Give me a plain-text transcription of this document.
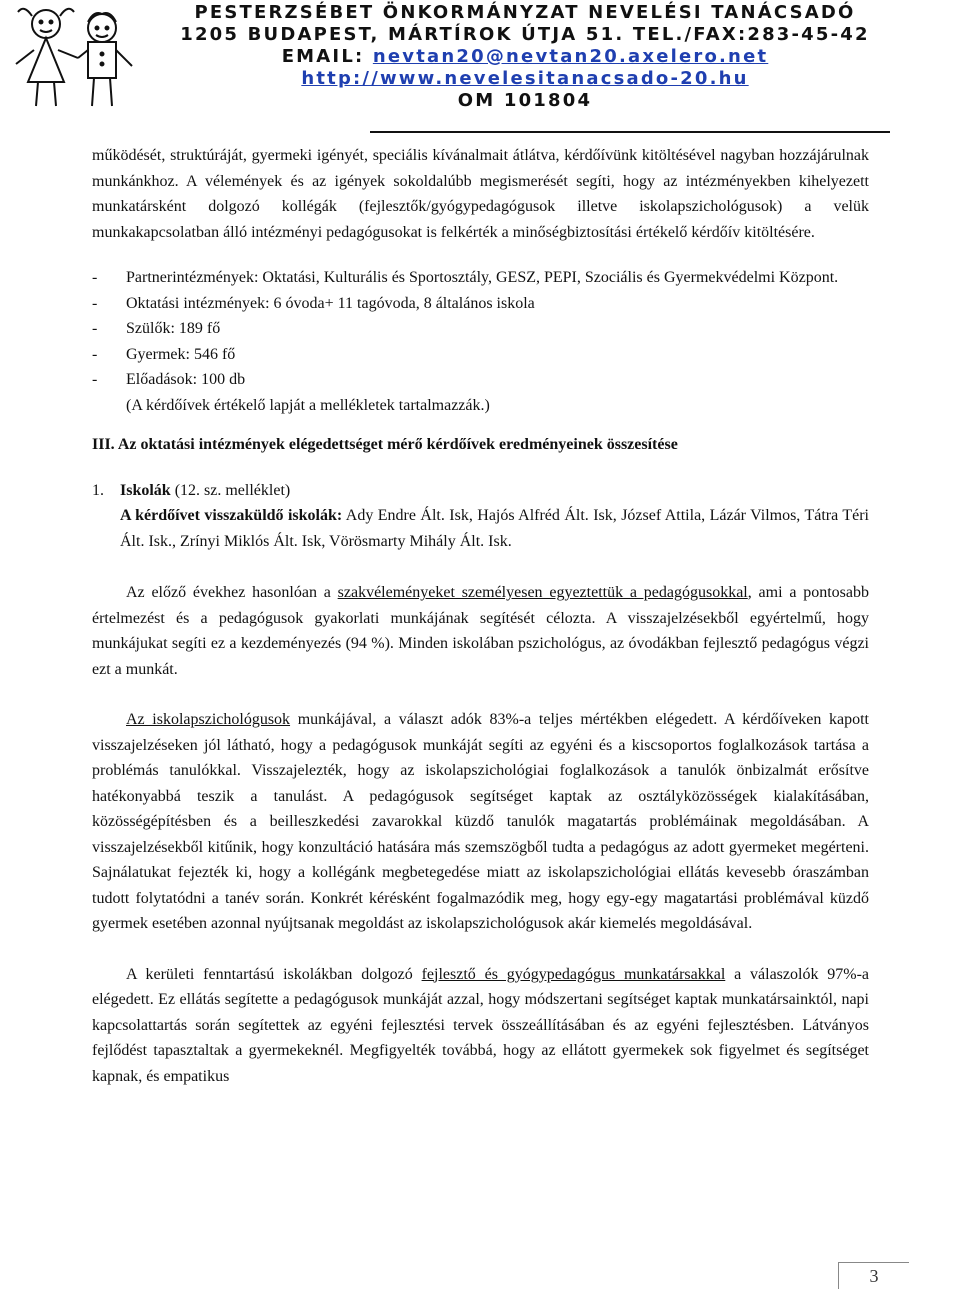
PESTERZSÉBET ÖNKORMÁNYZAT NEVELÉSI TANÁCSADÓ
1205 BUDAPEST, MÁRTÍROK ÚTJA 51. TEL./FAX:283-45-42
EMAIL: nevtan20@nevtan20.axelero.net
http://www.nevelesitanacsado-20.hu
OM 101804

működését, struktúráját, gyermeki igényét, speciális kívánalmait átlátva, kérdőívünk kitöltésével nagyban hozzájárulnak munkánkhoz. A vélemények és az igények sokoldalúbb megismerését segíti, hogy az intézményekben kihelyezett munkatársként dolgozó kollégák (fejlesztők/gyógypedagógusok illetve iskolapszichológusok) a velük munkakapcsolatban álló intézményi pedagógusokat is felkérték a minőségbiztosítási értékelő kérdőív kitöltésére.

- Partnerintézmények: Oktatási, Kulturális és Sportosztály, GESZ, PEPI, Szociális és Gyermekvédelmi Központ.
- Oktatási intézmények: 6 óvoda+ 11 tagóvoda, 8 általános iskola
- Szülők: 189 fő
- Gyermek: 546 fő
- Előadások: 100 db
(A kérdőívek értékelő lapját a mellékletek tartalmazzák.)
III. Az oktatási intézmények elégedettséget mérő kérdőívek eredményeinek összesítése
1. Iskolák (12. sz. melléklet)
A kérdőívet visszaküldő iskolák: Ady Endre Ált. Isk, Hajós Alfréd Ált. Isk, József Attila, Lázár Vilmos, Tátra Téri Ált. Isk., Zrínyi Miklós Ált. Isk, Vörösmarty Mihály Ált. Isk.

Az előző évekhez hasonlóan a szakvéleményeket személyesen egyeztettük a pedagógusokkal, ami a pontosabb értelmezést és a pedagógusok gyakorlati munkájának segítését célozta. A visszajelzésekből egyértelmű, hogy munkájukat segíti ez a kezdeményezés (94 %). Minden iskolában pszichológus, az óvodákban fejlesztő pedagógus végzi ezt a munkát.

Az iskolapszichológusok munkájával, a választ adók 83%-a teljes mértékben elégedett. A kérdőíveken kapott visszajelzéseken jól látható, hogy a pedagógusok munkáját segíti az egyéni és a kiscsoportos foglalkozások tartása a problémás tanulókkal. Visszajelezték, hogy az iskolapszichológiai foglalkozások a tanulók önbizalmát erősítve hatékonyabbá teszik a tanulást. A pedagógusok segítséget kaptak az osztályközösségek kialakításában, közösségépítésben és a beilleszkedési zavarokkal küzdő tanulók magatartás problémáinak megoldásában. A visszajelzésekből kitűnik, hogy konzultáció hatására más szemszögből tudta a pedagógus az adott gyermeket megérteni. Sajnálatukat fejezték ki, hogy a kollégánk megbetegedése miatt az iskolapszichológiai ellátás kevesebb óraszámban tudott folytatódni a tanév során. Konkrét kérésként fogalmazódik meg, hogy egy-egy magatartási problémával küzdő gyermek esetében azonnal nyújtsanak megoldást az iskolapszichológusok akár kiemelés megoldásával.

A kerületi fenntartású iskolákban dolgozó fejlesztő és gyógypedagógus munkatársakkal a válaszolók 97%-a elégedett. Ez ellátás segítette a pedagógusok munkáját azzal, hogy módszertani segítséget kaptak munkatársainktól, napi kapcsolattartás során segítettek az egyéni fejlesztési tervek összeállításában és az egyéni fejlesztésben. Látványos fejlődést tapasztaltak a gyermekeknél. Megfigyelték továbbá, hogy az ellátott gyermekek sok figyelmet és segítséget kapnak, és empatikus

3
